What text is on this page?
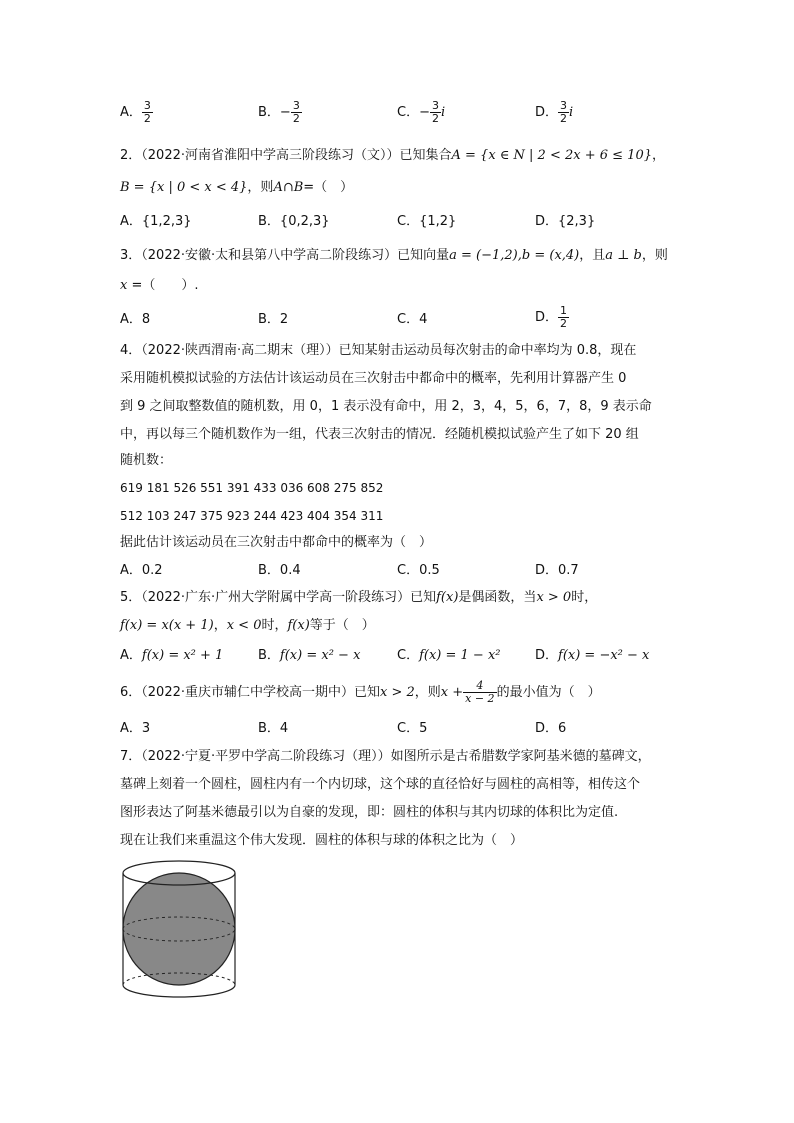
A． $\frac{3}{2}$	B．− $\frac{3}{2}$	C．− $\frac{3}{2}$ i	D． $\frac{3}{2}$ i
2．（2022·河南省淮阳中学高三阶段练习（文））已知集合A = {x ∈ N | 2 < 2x + 6 ≤ 10}，
B = {x | 0 < x < 4}，则A∩B=（　）
A．{1,2,3}	B．{0,2,3}	C．{1,2}	D．{2,3}
3．（2022·安徽·太和县第八中学高二阶段练习）已知向量a = (−1,2),b = (x,4)，且a ⊥ b，则
x =（　　）.
A．8	B．2	C．4	D． $\frac{1}{2}$
4．（2022·陕西渭南·高二期末（理））已知某射击运动员每次射击的命中率均为 0.8，现在
采用随机模拟试验的方法估计该运动员在三次射击中都命中的概率，先利用计算器产生 0
到 9 之间取整数值的随机数，用 0，1 表示没有命中，用 2，3，4，5，6，7，8，9 表示命
中，再以每三个随机数作为一组，代表三次射击的情况．经随机模拟试验产生了如下 20 组
随机数：
619 181 526 551 391 433 036 608 275 852
512 103 247 375 923 244 423 404 354 311
据此估计该运动员在三次射击中都命中的概率为（　）
A．0.2	B．0.4	C．0.5	D．0.7
5．（2022·广东·广州大学附属中学高一阶段练习）已知f(x)是偶函数，当x > 0时，
f(x) = x(x + 1)，x < 0时，f(x)等于（　）
A．f(x) = x² + 1	B．f(x) = x² − x	C．f(x) = 1 − x²	D．f(x) = −x² − x
6．（2022·重庆市辅仁中学校高一期中）已知x > 2，则$x + \frac{4}{x - 2}$ 的最小值为（　）
A．3	B．4	C．5	D．6
7．（2022·宁夏·平罗中学高二阶段练习（理））如图所示是古希腊数学家阿基米德的墓碑文，
墓碑上刻着一个圆柱，圆柱内有一个内切球，这个球的直径恰好与圆柱的高相等，相传这个
图形表达了阿基米德最引以为自豪的发现，即：圆柱的体积与其内切球的体积比为定值.
现在让我们来重温这个伟大发现．圆柱的体积与球的体积之比为（　）
